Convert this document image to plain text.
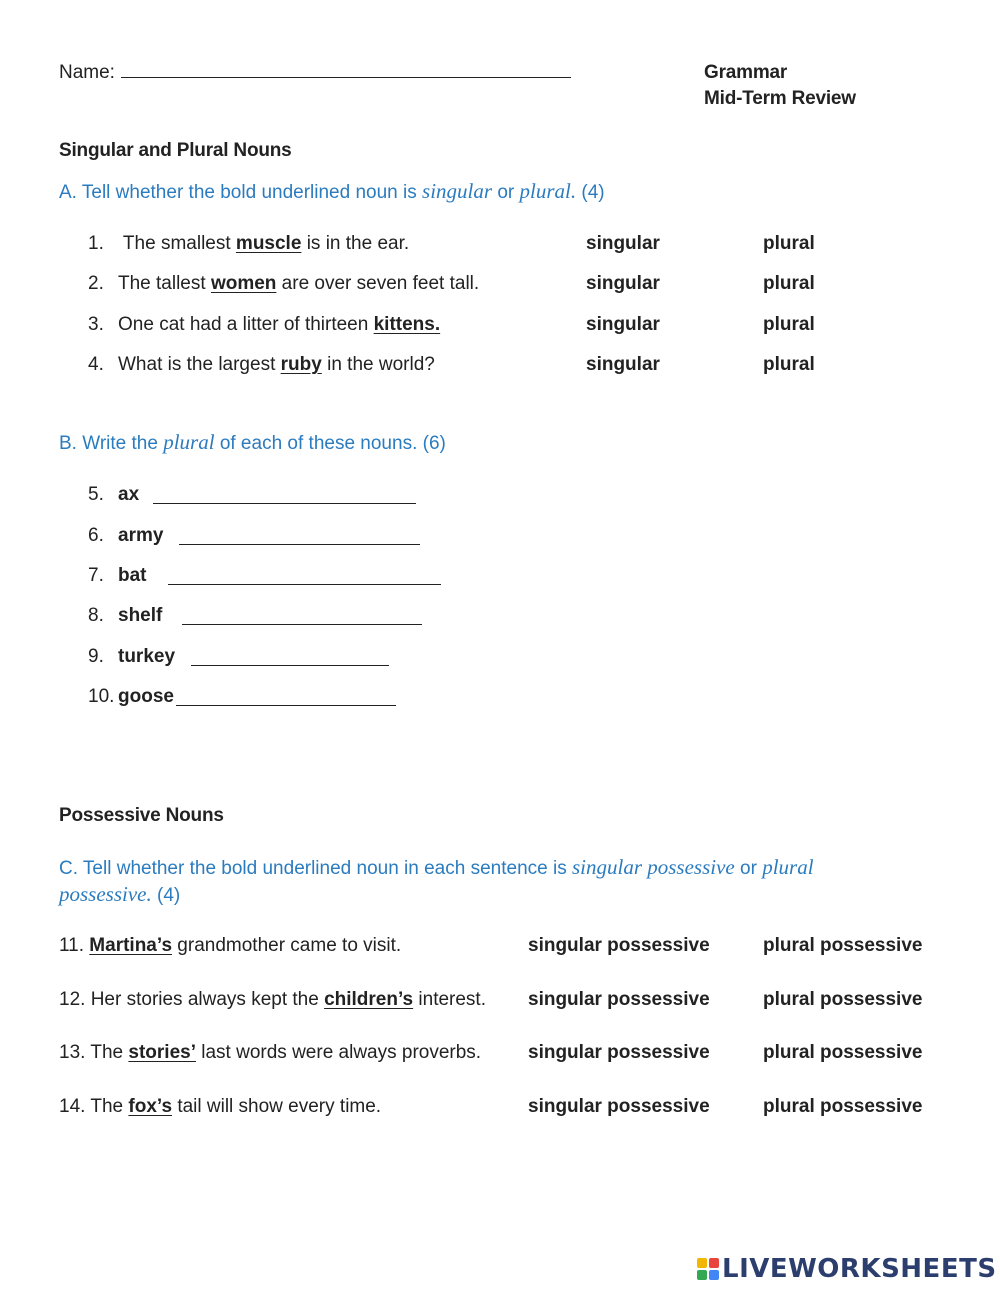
Name:	Grammar
Mid-Term Review
Singular and Plural Nouns
A. Tell whether the bold underlined noun is singular or plural. (4)
1. The smallest muscle is in the ear.	singular	plural
2. The tallest women are over seven feet tall.	singular	plural
3. One cat had a litter of thirteen kittens.	singular	plural
4. What is the largest ruby in the world?	singular	plural
B. Write the plural of each of these nouns. (6)
5. ax
6. army
7. bat
8. shelf
9. turkey
10. goose
Possessive Nouns
C. Tell whether the bold underlined noun in each sentence is singular possessive or plural
possessive. (4)
11. Martina’s grandmother came to visit.	singular possessive	plural possessive
12. Her stories always kept the children’s interest. singular possessive	plural possessive
13. The stories’ last words were always proverbs. singular possessive	plural possessive
14. The fox’s tail will show every time.	singular possessive	plural possessive
LIVEWORKSHEETS
